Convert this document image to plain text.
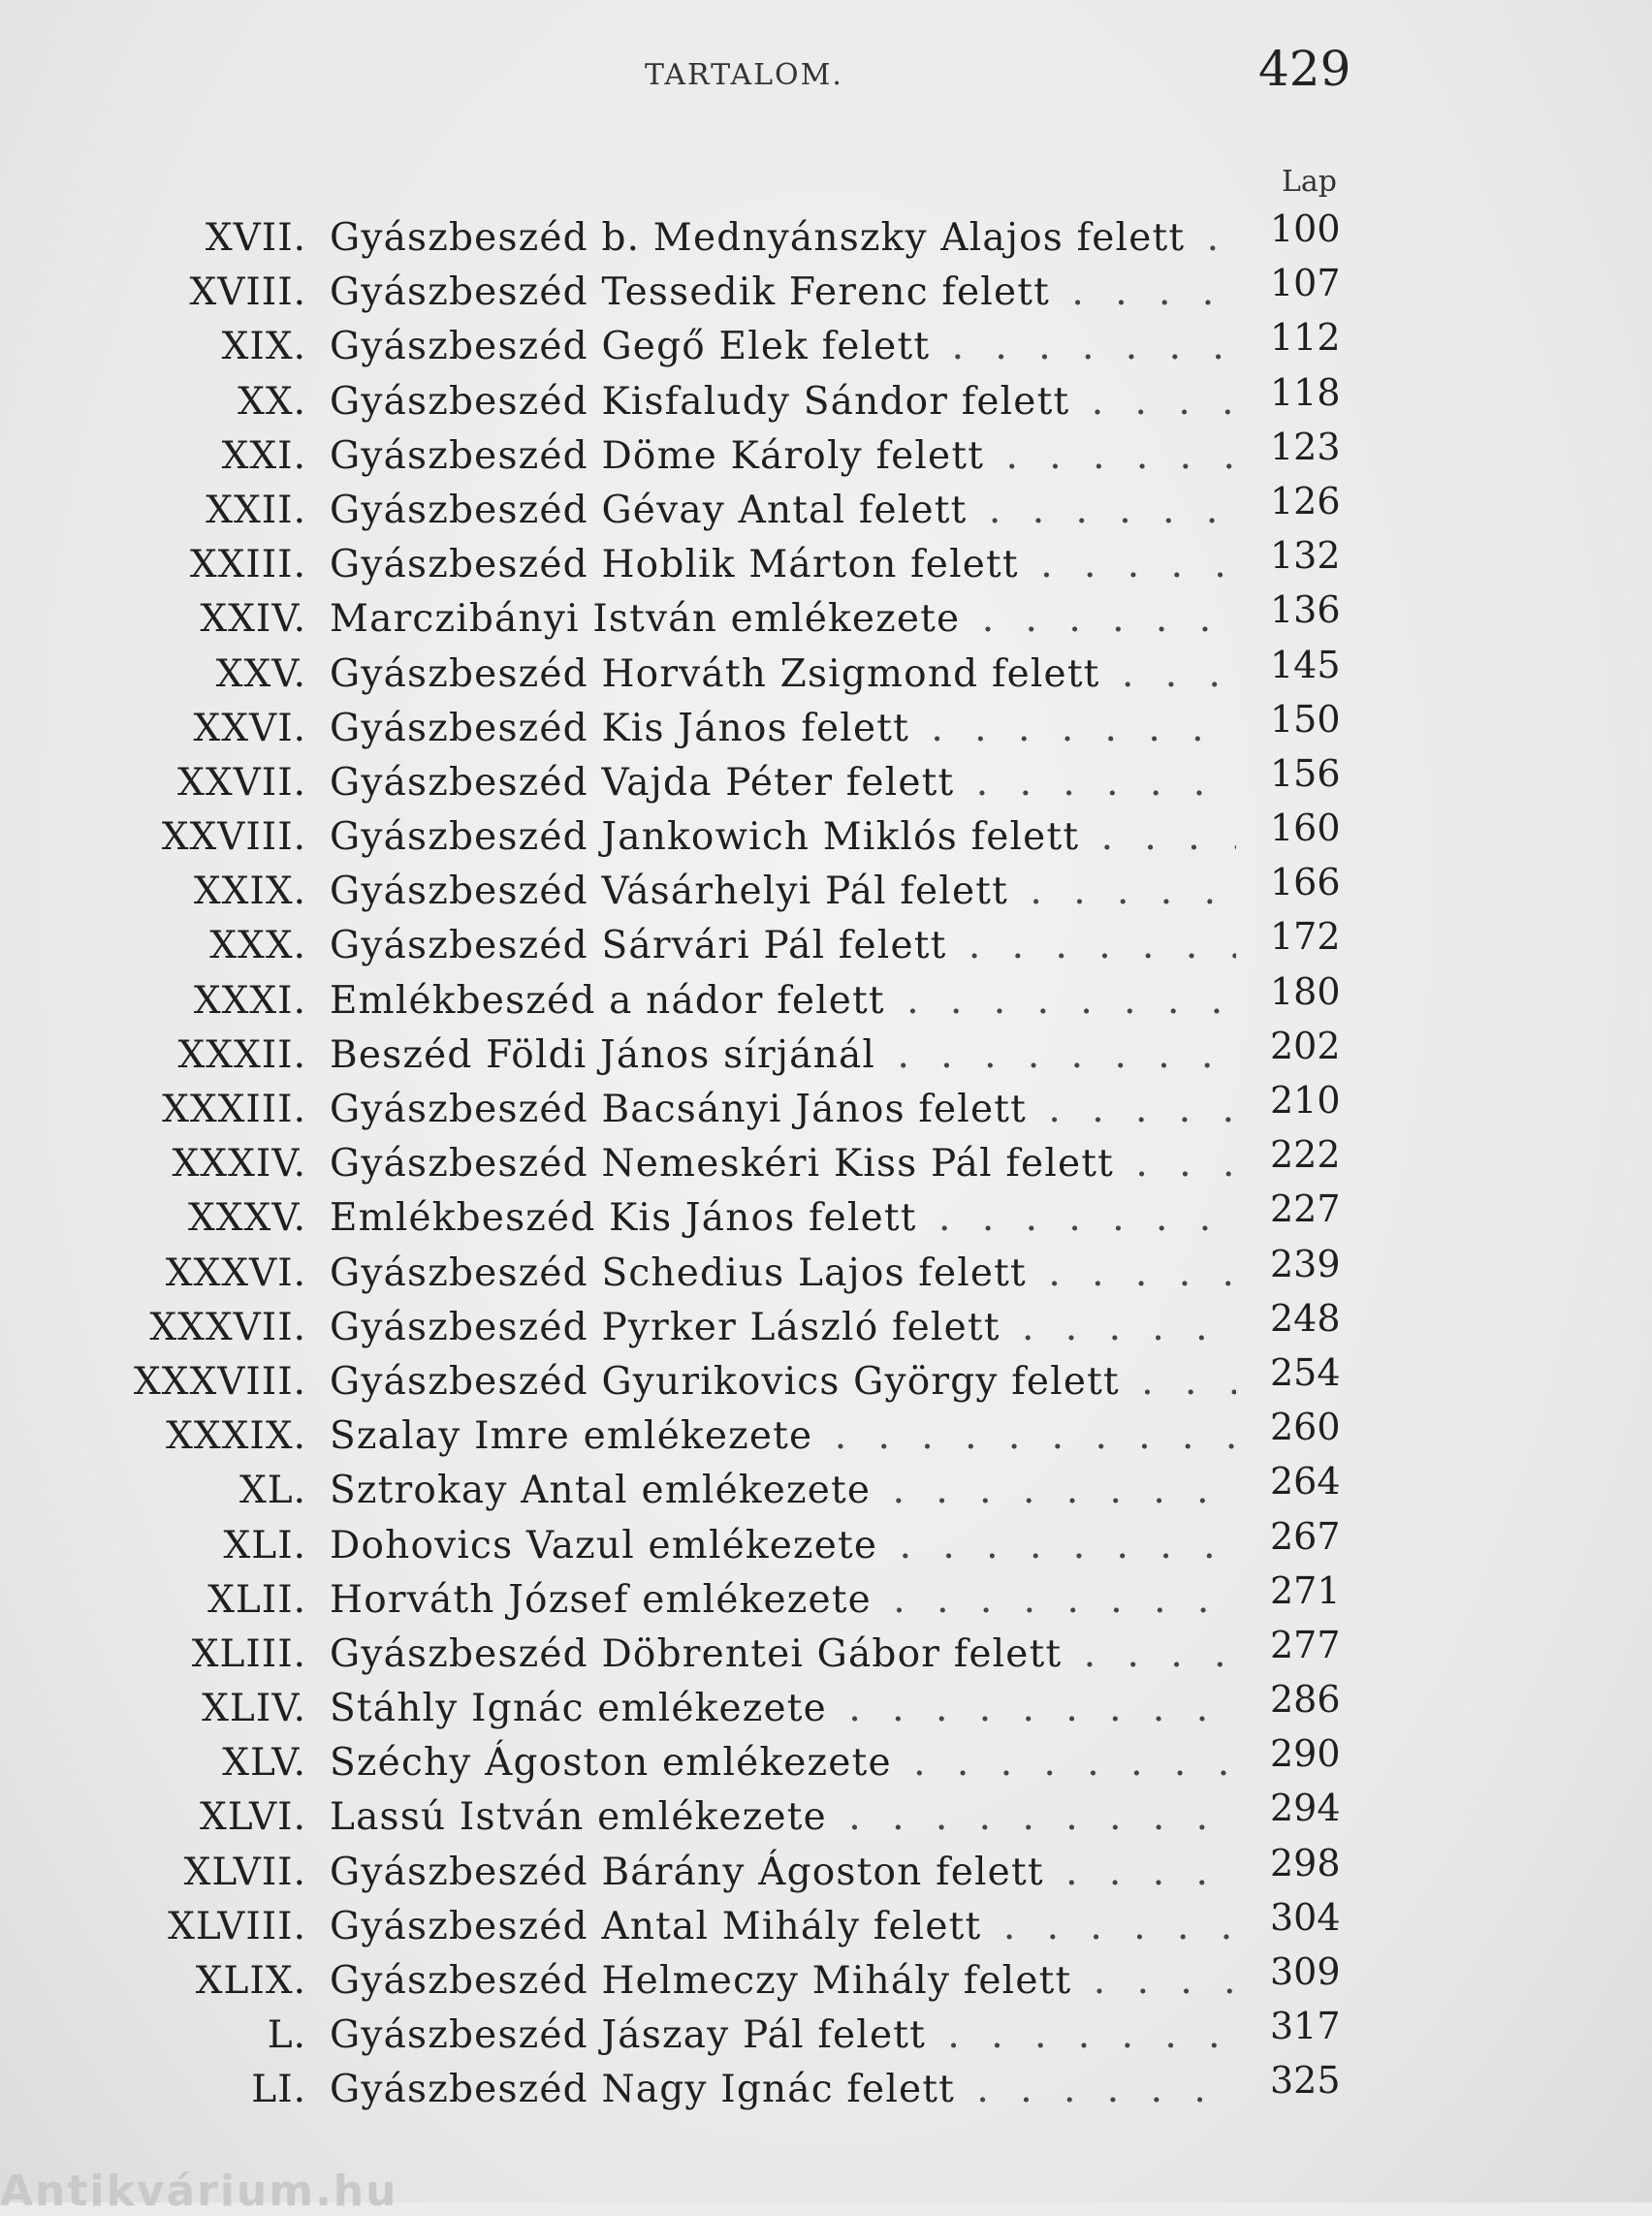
TARTALOM.	429
Lap
XVII. Gyászbeszéd b. Mednyánszky Alajos felett . . .	100
XVIII. Gyászbeszéd Tessedik Ferenc felett . . .	107
XIX. Gyászbeszéd Gegő Elek felett . . .	112
XX. Gyászbeszéd Kisfaludy Sándor felett . . .	118
XXI. Gyászbeszéd Döme Károly felett . . .	123
XXII. Gyászbeszéd Gévay Antal felett . . .	126
XXIII. Gyászbeszéd Hoblik Márton felett . . .	132
XXIV. Marczibányi István emlékezete . . .	136
XXV. Gyászbeszéd Horváth Zsigmond felett . . .	145
XXVI. Gyászbeszéd Kis János felett . . .	150
XXVII. Gyászbeszéd Vajda Péter felett . . .	156
XXVIII. Gyászbeszéd Jankowich Miklós felett . . .	160
XXIX. Gyászbeszéd Vásárhelyi Pál felett . . .	166
XXX. Gyászbeszéd Sárvári Pál felett . . .	172
XXXI. Emlékbeszéd a nádor felett . . .	180
XXXII. Beszéd Földi János sírjánál . . .	202
XXXIII. Gyászbeszéd Bacsányi János felett . . .	210
XXXIV. Gyászbeszéd Nemeskéri Kiss Pál felett . . .	222
XXXV. Emlékbeszéd Kis János felett . . .	227
XXXVI. Gyászbeszéd Schedius Lajos felett . . .	239
XXXVII. Gyászbeszéd Pyrker László felett . . .	248
XXXVIII. Gyászbeszéd Gyurikovics György felett . . .	254
XXXIX. Szalay Imre emlékezete . . .	260
XL. Sztrokay Antal emlékezete . . .	264
XLI. Dohovics Vazul emlékezete . . .	267
XLII. Horváth József emlékezete . . .	271
XLIII. Gyászbeszéd Döbrentei Gábor felett . . .	277
XLIV. Stáhly Ignác emlékezete . . .	286
XLV. Széchy Ágoston emlékezete . . .	290
XLVI. Lassú István emlékezete . . .	294
XLVII. Gyászbeszéd Bárány Ágoston felett . . .	298
XLVIII. Gyászbeszéd Antal Mihály felett . . .	304
XLIX. Gyászbeszéd Helmeczy Mihály felett . . .	309
L. Gyászbeszéd Jászay Pál felett . . .	317
LI. Gyászbeszéd Nagy Ignác felett . . .	325
Antikvárium.hu
